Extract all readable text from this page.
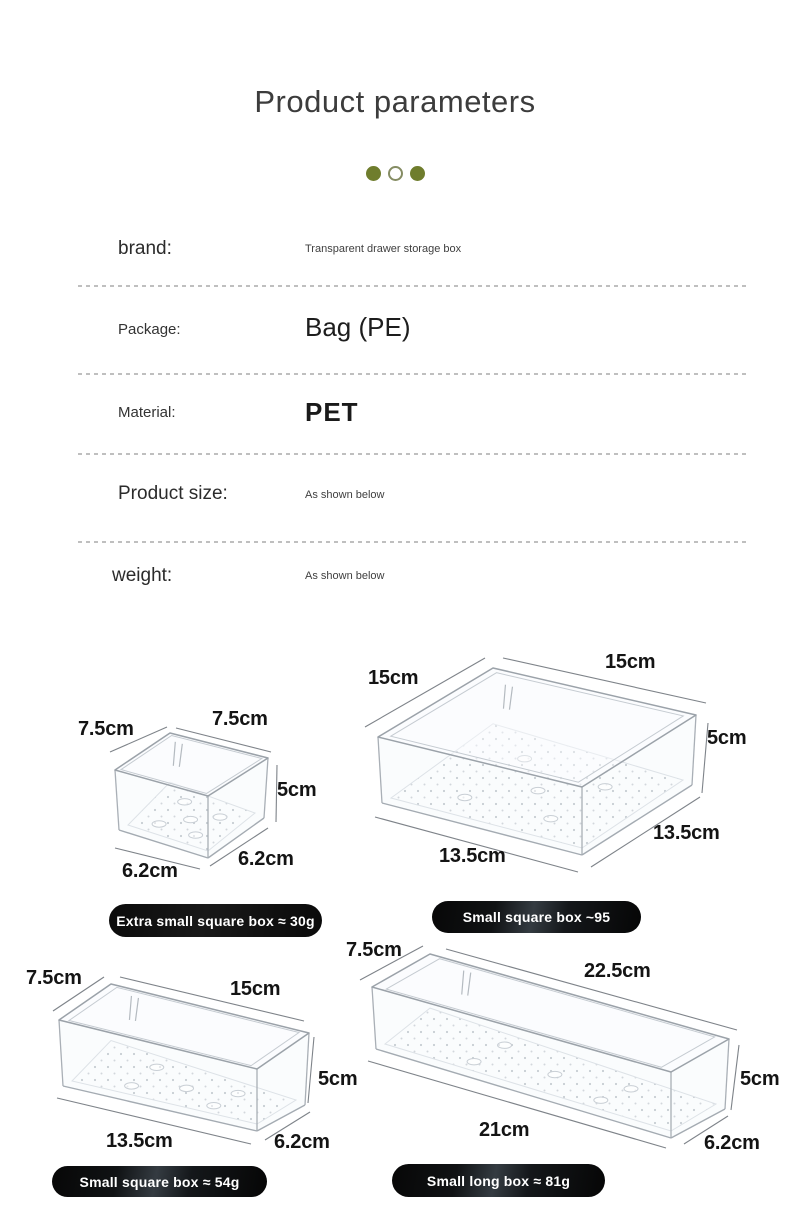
Product parameters
brand:	Transparent drawer storage box
Package:	Bag (PE)
Material:	PET
Product size:	As shown below
weight:	As shown below
7.5cm	7.5cm
5cm
6.2cm
6.2cm
Extra small square box ≈ 30g
15cm
15cm
5cm
13.5cm
13.5cm
Small square box ~95
7.5cm	15cm
5cm
13.5cm	6.2cm
Small square box ≈ 54g
7.5cm
22.5cm
5cm
21cm
6.2cm
Small long box ≈ 81g
